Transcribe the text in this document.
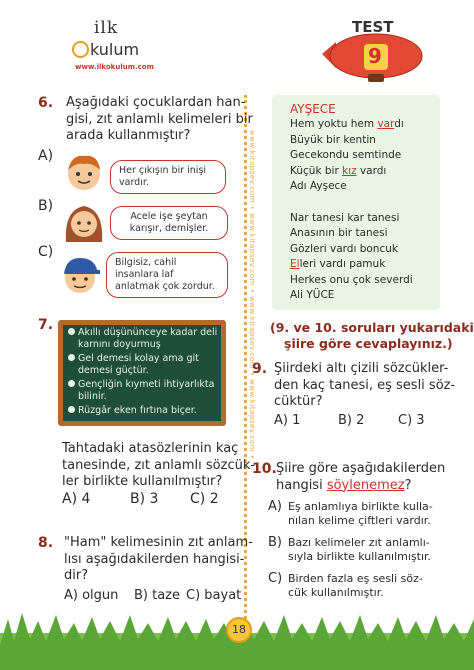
ilk
kulum
www.ilkokulum.com
TEST
9
www.kitapsev.com • www.kitapsev.com • www.kitapsev.com • www.kitapsev.com •
6. Aşağıdaki çocuklardan han-
gisi, zıt anlamlı kelimeleri bir
arada kullanmıştır?
A)
Her çıkışın bir inişi vardır.
B)
Acele işe şeytan karışır, demişler.
C)
Bilgisiz, cahil insanlara laf anlatmak çok zordur.
7.	Akıllı düşününceye kadar deli
karnını doyurmuş
Gel demesi kolay ama git
demesi güçtür.
Gençliğin kıymeti ihtiyarlıkta
bilinir.
Rüzgâr eken fırtına biçer.
Tahtadaki atasözlerinin kaç
tanesinde, zıt anlamlı sözcük-
ler birlikte kullanılmıştır?
A) 4	B) 3 C) 2
8. "Ham" kelimesinin zıt anlam-
lısı aşağıdakilerden hangisi-
dir?
A) olgun B) taze C) bayat
AYŞECE
Hem yoktu hem vardı
Büyük bir kentin
Gecekondu semtinde
Küçük bir kız vardı
Adı Ayşece
Nar tanesi kar tanesi
Anasının bir tanesi
Gözleri vardı boncuk
Elleri vardı pamuk
Herkes onu çok severdi
Ali YÜCE
(9. ve 10. soruları yukarıdaki
şiire göre cevaplayınız.)
9. Şiirdeki altı çizili sözcükler-
den kaç tanesi, eş sesli söz-
cüktür?
A) 1	B) 2	C) 3
10. Şiire göre aşağıdakilerden
hangisi söylenemez?
A) Eş anlamlıya birlikte kulla-
nılan kelime çiftleri vardır.
B) Bazı kelimeler zıt anlamlı-
sıyla birlikte kullanılmıştır.
C) Birden fazla eş sesli söz-
cük kullanılmıştır.
18
